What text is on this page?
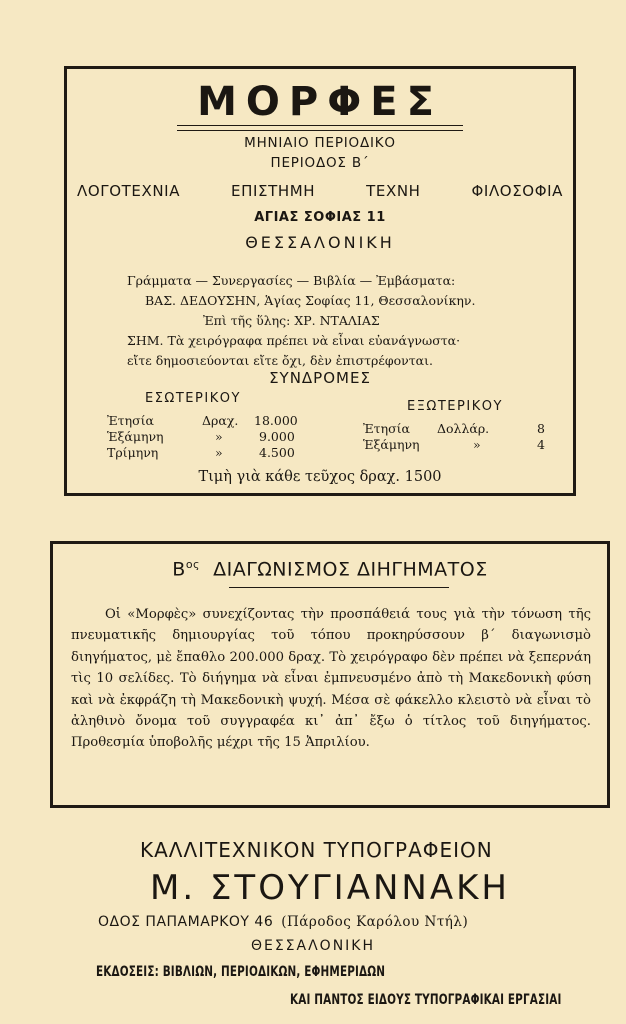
ΜΟΡΦΕΣ
ΜΗΝΙΑΙΟ ΠΕΡΙΟΔΙΚΟ
ΠΕΡΙΟΔΟΣ Β΄
ΛΟΓΟΤΕΧΝΙΑ	ΕΠΙΣΤΗΜΗ	ΤΕΧΝΗ	ΦΙΛΟΣΟΦΙΑ
ΑΓΙΑΣ ΣΟΦΙΑΣ 11
ΘΕΣΣΑΛΟΝΙΚΗ
Γράμματα — Συνεργασίες — Βιβλία — Ἐμβάσματα:
ΒΑΣ. ΔΕΔΟΥΣΗΝ, Ἁγίας Σοφίας 11, Θεσσαλονίκην.
Ἐπὶ τῆς ὕλης: ΧΡ. ΝΤΑΛΙΑΣ
ΣΗΜ. Τὰ χειρόγραφα πρέπει νὰ εἶναι εὐανάγνωστα·
εἴτε δημοσιεύονται εἴτε ὄχι, δὲν ἐπιστρέφονται.
ΣΥΝΔΡΟΜΕΣ
ΕΣΩΤΕΡΙΚΟΥ
Ἐτησία	Δραχ.	18.000
Ἑξάμηνη	»	9.000
Τρίμηνη	»	4.500
ΕΞΩΤΕΡΙΚΟΥ
Ἐτησία	Δολλάρ.	8
Ἑξάμηνη	»	4
Τιμὴ γιὰ κάθε τεῦχος δραχ. 1500
$B^{o\varsigma}$ ΔΙΑΓΩΝΙΣΜΟΣ ΔΙΗΓΗΜΑΤΟΣ
Οἱ «Μορφὲς» συνεχίζοντας τὴν προσπάθειά τους γιὰ τὴν τόνωση τῆς πνευματικῆς δημιουργίας τοῦ τόπου προκηρύσσουν β΄ διαγωνισμὸ διηγήματος, μὲ ἔπαθλο 200.000 δραχ. Τὸ χειρόγραφο δὲν πρέπει νὰ ξεπερνάη τὶς 10 σελίδες. Τὸ διήγημα νὰ εἶναι ἐμπνευσμένο ἀπὸ τὴ Μακεδονικὴ φύση καὶ νὰ ἐκφράζη τὴ Μακεδονικὴ ψυχή. Μέσα σὲ φάκελλο κλειστὸ νὰ εἶναι τὸ ἀληθινὸ ὄνομα τοῦ συγγραφέα κι᾽ ἀπ᾽ ἔξω ὁ τίτλος τοῦ διηγήματος. Προθεσμία ὑποβολῆς μέχρι τῆς 15 Ἀπριλίου.
ΚΑΛΛΙΤΕΧΝΙΚΟΝ ΤΥΠΟΓΡΑΦΕΙΟΝ
Μ. ΣΤΟΥΓΙΑΝΝΑΚΗ
ΟΔΟΣ ΠΑΠΑΜΑΡΚΟΥ 46 (Πάροδος Καρόλου Ντήλ)
ΘΕΣΣΑΛΟΝΙΚΗ
ΕΚΔΟΣΕΙΣ: ΒΙΒΛΙΩΝ, ΠΕΡΙΟΔΙΚΩΝ, ΕΦΗΜΕΡΙΔΩΝ
ΚΑΙ ΠΑΝΤΟΣ ΕΙΔΟΥΣ ΤΥΠΟΓΡΑΦΙΚΑΙ ΕΡΓΑΣΙΑΙ
